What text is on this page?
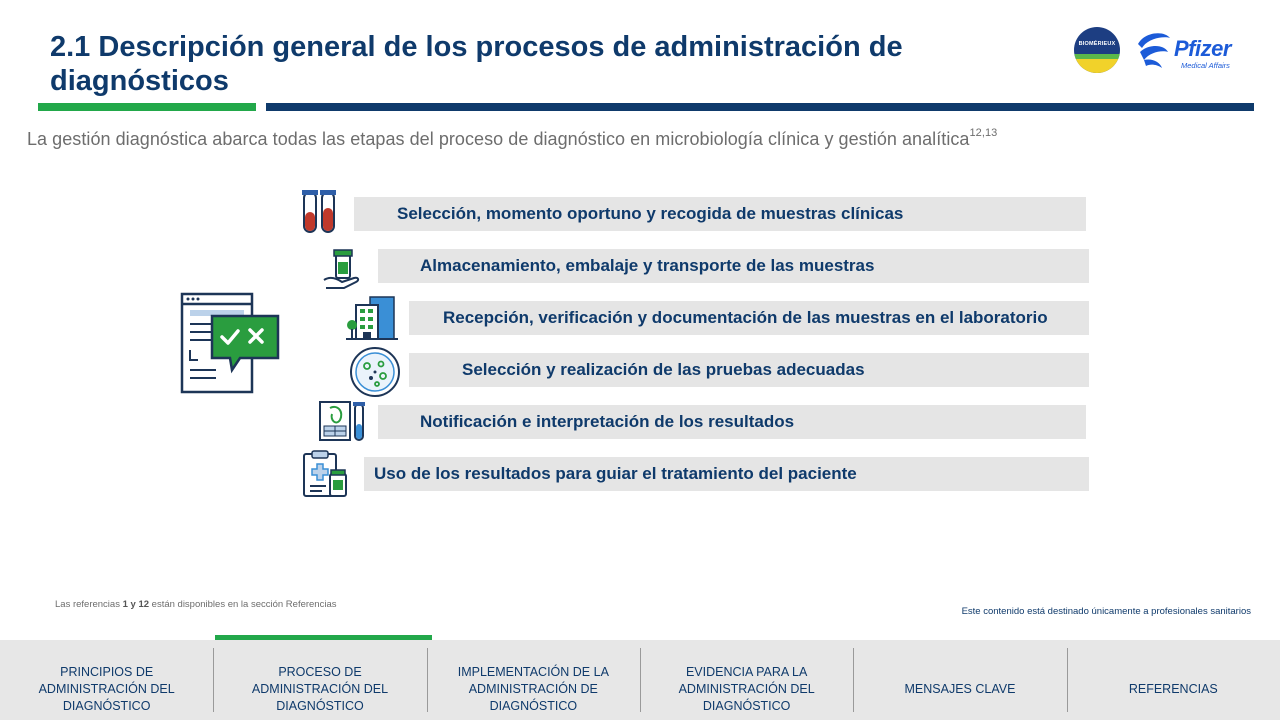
2.1 Descripción general de los procesos de administración de diagnósticos
BIOMÉRIEUX	Pfizer
Medical Affairs

La gestión diagnóstica abarca todas las etapas del proceso de diagnóstico en microbiología clínica y gestión analítica$^{12,13}$

Selección, momento oportuno y recogida de muestras clínicas
Almacenamiento, embalaje y transporte de las muestras
Recepción, verificación y documentación de las muestras en el laboratorio
Selección y realización de las pruebas adecuadas
Notificación e interpretación de los resultados
Uso de los resultados para guiar el tratamiento del paciente

Las referencias 1 y 12 están disponibles en la sección Referencias

Este contenido está destinado únicamente a profesionales sanitarios

PRINCIPIOS DE ADMINISTRACIÓN DEL DIAGNÓSTICO
PROCESO DE ADMINISTRACIÓN DEL DIAGNÓSTICO
IMPLEMENTACIÓN DE LA ADMINISTRACIÓN DE DIAGNÓSTICO
EVIDENCIA PARA LA ADMINISTRACIÓN DEL DIAGNÓSTICO
MENSAJES CLAVE	REFERENCIAS
